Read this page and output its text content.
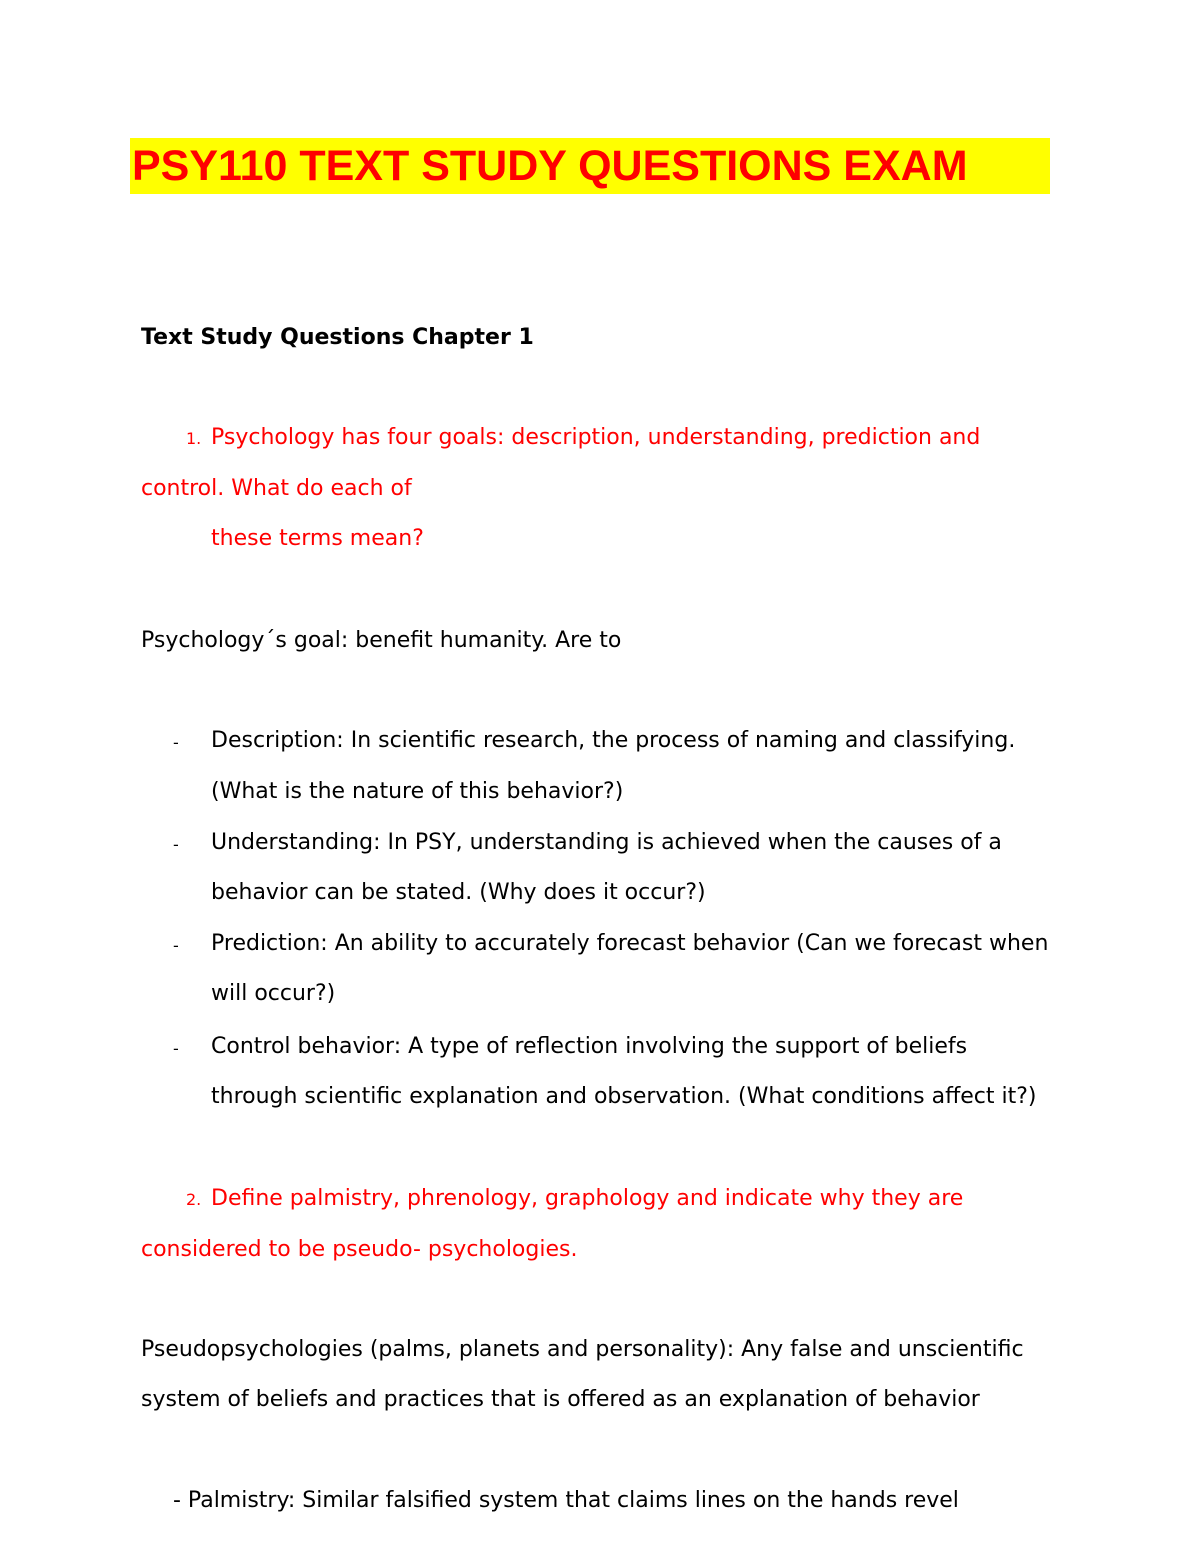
PSY110 TEXT STUDY QUESTIONS EXAM

Text Study Questions Chapter 1

1. Psychology has four goals: description, understanding, prediction and

control. What do each of

these terms mean?

Psychology´s goal: benefit humanity. Are to

- Description: In scientific research, the process of naming and classifying.

(What is the nature of this behavior?)

- Understanding: In PSY, understanding is achieved when the causes of a

behavior can be stated. (Why does it occur?)

- Prediction: An ability to accurately forecast behavior (Can we forecast when

will occur?)

- Control behavior: A type of reflection involving the support of beliefs

through scientific explanation and observation. (What conditions affect it?)

2. Define palmistry, phrenology, graphology and indicate why they are

considered to be pseudo- psychologies.

Pseudopsychologies (palms, planets and personality): Any false and unscientific

system of beliefs and practices that is offered as an explanation of behavior

- Palmistry: Similar falsified system that claims lines on the hands revel
